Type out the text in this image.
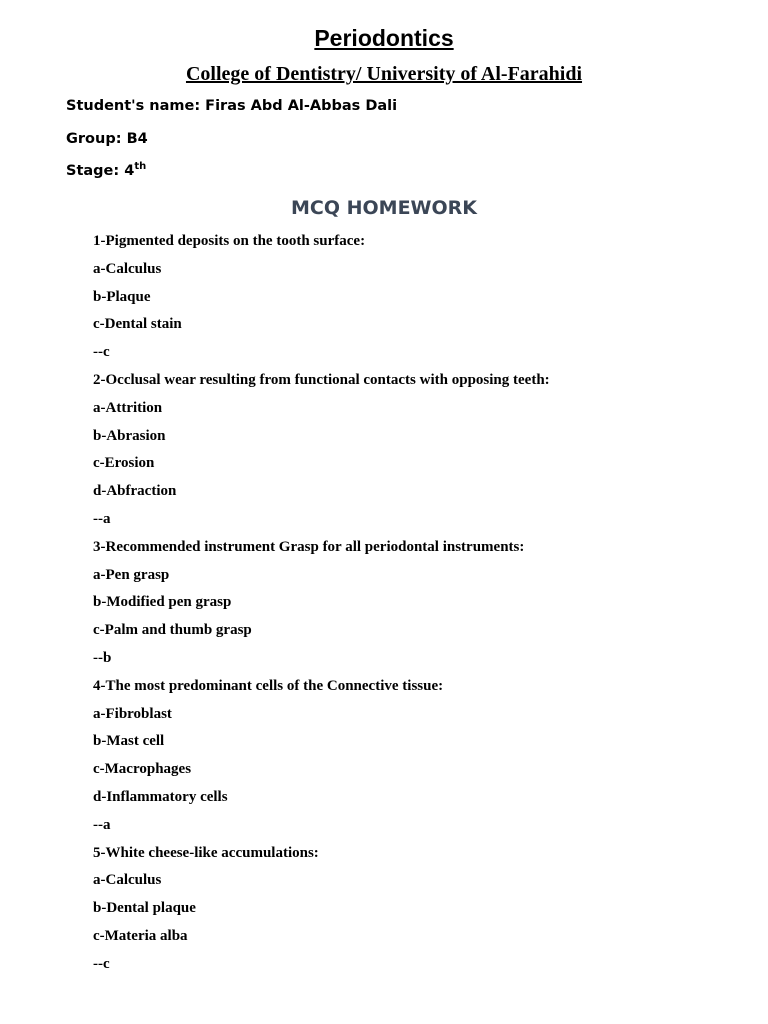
Periodontics
College of Dentistry/ University of Al-Farahidi
Student's name: Firas Abd Al-Abbas Dali
Group: B4
Stage: 4th
MCQ HOMEWORK
1-Pigmented deposits on the tooth surface:
a-Calculus
b-Plaque
c-Dental stain
--c
2-Occlusal wear resulting from functional contacts with opposing teeth:
a-Attrition
b-Abrasion
c-Erosion
d-Abfraction
--a
3-Recommended instrument Grasp for all periodontal instruments:
a-Pen grasp
b-Modified pen grasp
c-Palm and thumb grasp
--b
4-The most predominant cells of the Connective tissue:
a-Fibroblast
b-Mast cell
c-Macrophages
d-Inflammatory cells
--a
5-White cheese-like accumulations:
a-Calculus
b-Dental plaque
c-Materia alba
--c
